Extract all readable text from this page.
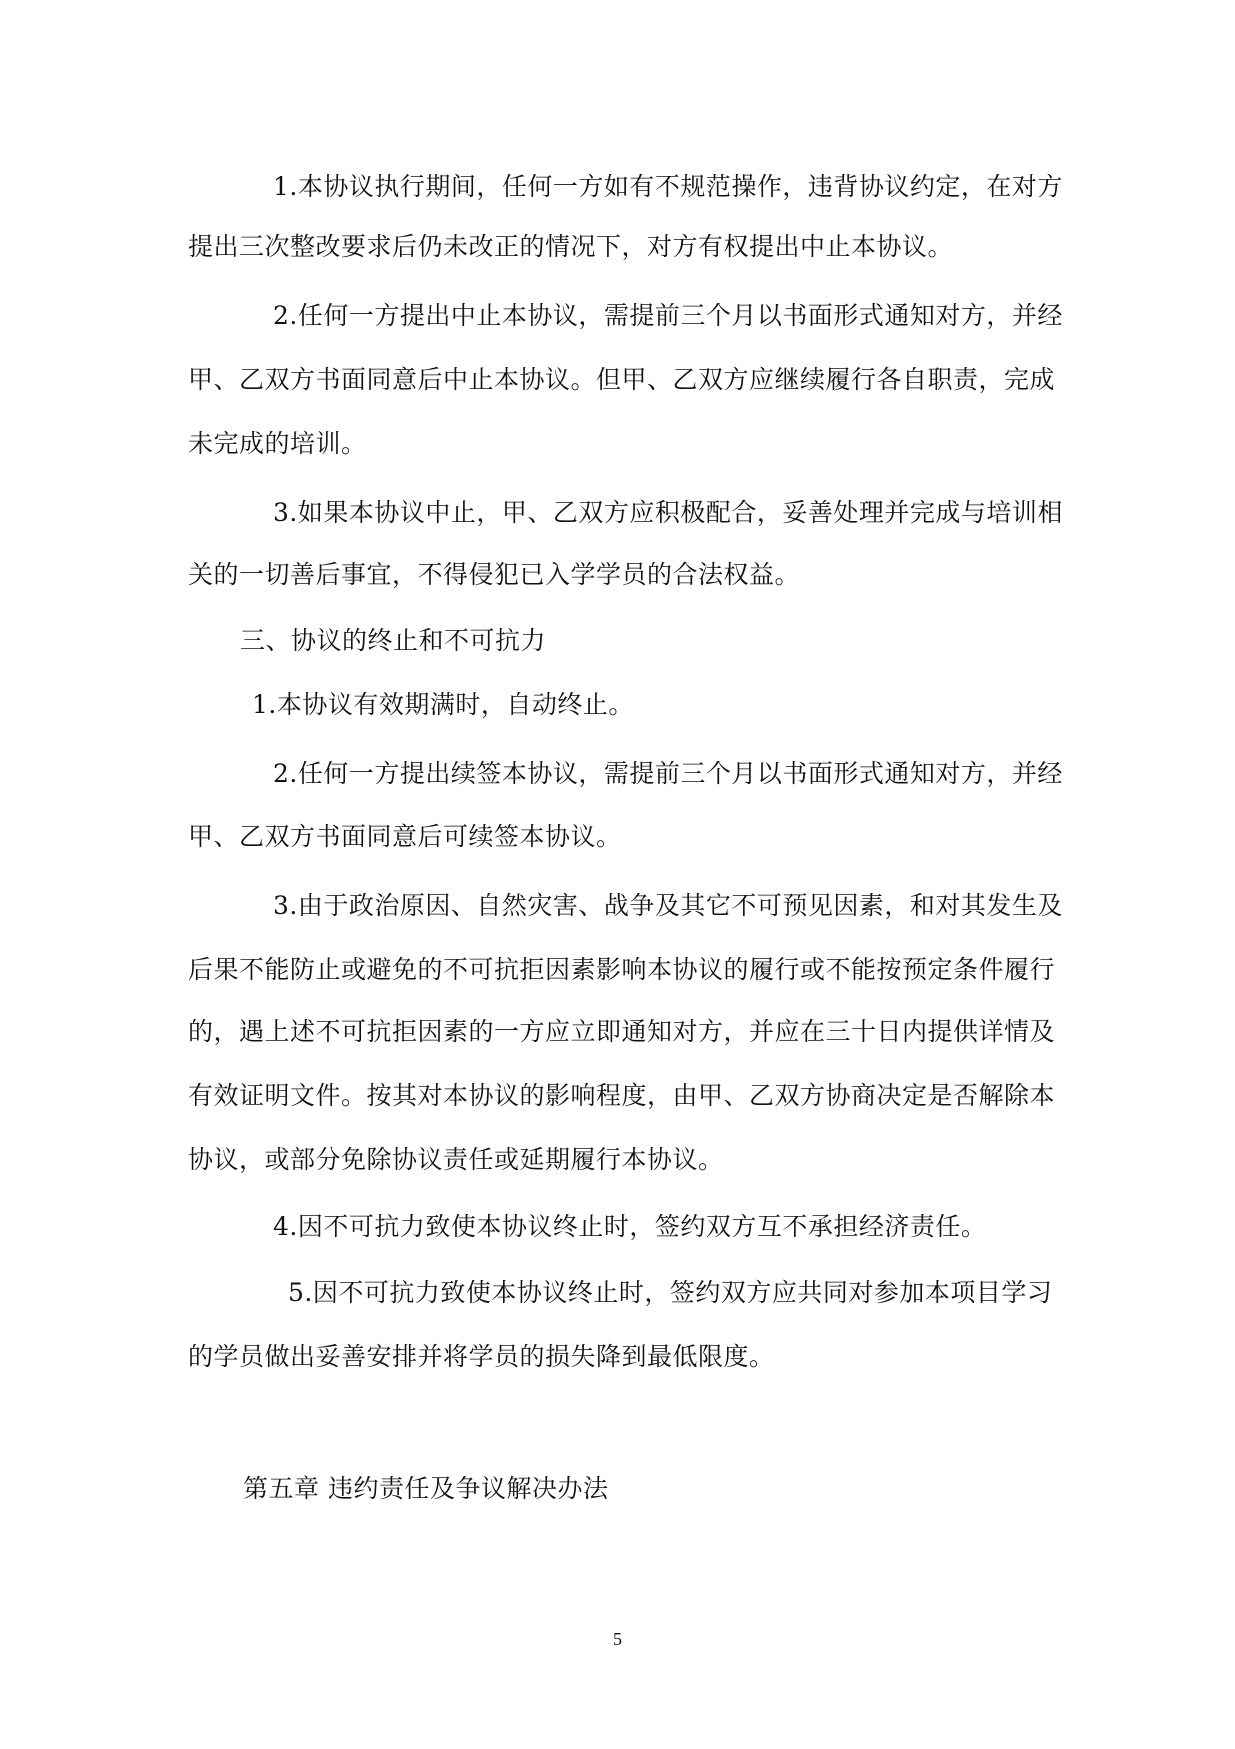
1.本协议执行期间，任何一方如有不规范操作，违背协议约定，在对方
提出三次整改要求后仍未改正的情况下，对方有权提出中止本协议。
2.任何一方提出中止本协议，需提前三个月以书面形式通知对方，并经
甲、乙双方书面同意后中止本协议。但甲、乙双方应继续履行各自职责，完成
未完成的培训。
3.如果本协议中止，甲、乙双方应积极配合，妥善处理并完成与培训相
关的一切善后事宜，不得侵犯已入学学员的合法权益。
三、协议的终止和不可抗力
1.本协议有效期满时，自动终止。
2.任何一方提出续签本协议，需提前三个月以书面形式通知对方，并经
甲、乙双方书面同意后可续签本协议。
3.由于政治原因、自然灾害、战争及其它不可预见因素，和对其发生及
后果不能防止或避免的不可抗拒因素影响本协议的履行或不能按预定条件履行
的，遇上述不可抗拒因素的一方应立即通知对方，并应在三十日内提供详情及
有效证明文件。按其对本协议的影响程度，由甲、乙双方协商决定是否解除本
协议，或部分免除协议责任或延期履行本协议。
4.因不可抗力致使本协议终止时，签约双方互不承担经济责任。
5.因不可抗力致使本协议终止时，签约双方应共同对参加本项目学习
的学员做出妥善安排并将学员的损失降到最低限度。
第五章 违约责任及争议解决办法
5
